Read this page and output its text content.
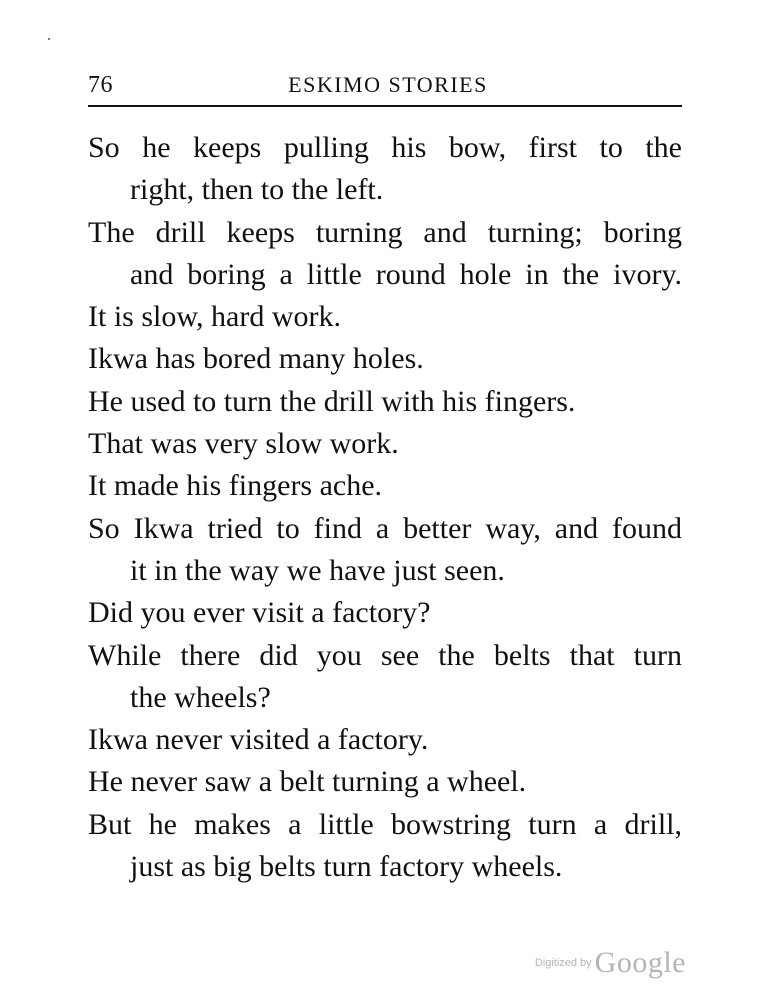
76	ESKIMO STORIES
So he keeps pulling his bow, first to the
right, then to the left.
The drill keeps turning and turning; boring
and boring a little round hole in the ivory.
It is slow, hard work.
Ikwa has bored many holes.
He used to turn the drill with his fingers.
That was very slow work.
It made his fingers ache.
So Ikwa tried to find a better way, and found
it in the way we have just seen.
Did you ever visit a factory?
While there did you see the belts that turn
the wheels?
Ikwa never visited a factory.
He never saw a belt turning a wheel.
But he makes a little bowstring turn a drill,
just as big belts turn factory wheels.
Digitized by Google
